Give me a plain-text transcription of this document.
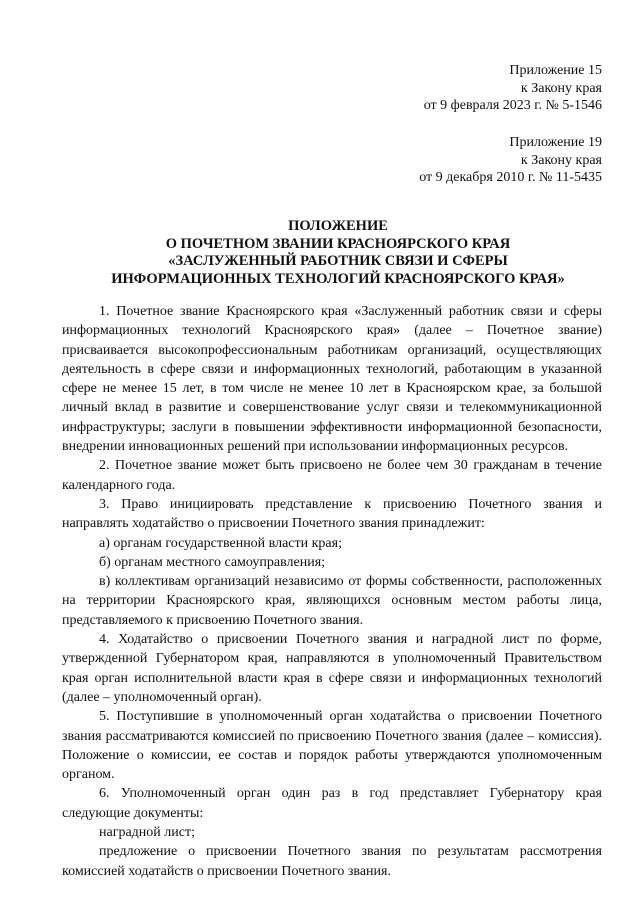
Приложение 15
к Закону края
от 9 февраля 2023 г. № 5-1546
Приложение 19
к Закону края
от 9 декабря 2010 г. № 11-5435
ПОЛОЖЕНИЕ
О ПОЧЕТНОМ ЗВАНИИ КРАСНОЯРСКОГО КРАЯ
«ЗАСЛУЖЕННЫЙ РАБОТНИК СВЯЗИ И СФЕРЫ
ИНФОРМАЦИОННЫХ ТЕХНОЛОГИЙ КРАСНОЯРСКОГО КРАЯ»

1. Почетное звание Красноярского края «Заслуженный работник связи и сферы информационных технологий Красноярского края» (далее – Почетное звание) присваивается высокопрофессиональным работникам организаций, осуществляющих деятельность в сфере связи и информационных технологий, работающим в указанной сфере не менее 15 лет, в том числе не менее 10 лет в Красноярском крае, за большой личный вклад в развитие и совершенствование услуг связи и телекоммуникационной инфраструктуры; заслуги в повышении эффективности информационной безопасности, внедрении инновационных решений при использовании информационных ресурсов.

2. Почетное звание может быть присвоено не более чем 30 гражданам в течение календарного года.

3. Право инициировать представление к присвоению Почетного звания и направлять ходатайство о присвоении Почетного звания принадлежит:

а) органам государственной власти края;

б) органам местного самоуправления;

в) коллективам организаций независимо от формы собственности, расположенных на территории Красноярского края, являющихся основным местом работы лица, представляемого к присвоению Почетного звания.

4. Ходатайство о присвоении Почетного звания и наградной лист по форме, утвержденной Губернатором края, направляются в уполномоченный Правительством края орган исполнительной власти края в сфере связи и информационных технологий (далее – уполномоченный орган).

5. Поступившие в уполномоченный орган ходатайства о присвоении Почетного звания рассматриваются комиссией по присвоению Почетного звания (далее – комиссия). Положение о комиссии, ее состав и порядок работы утверждаются уполномоченным органом.

6. Уполномоченный орган один раз в год представляет Губернатору края следующие документы:

наградной лист;

предложение о присвоении Почетного звания по результатам рассмотрения комиссией ходатайств о присвоении Почетного звания.
